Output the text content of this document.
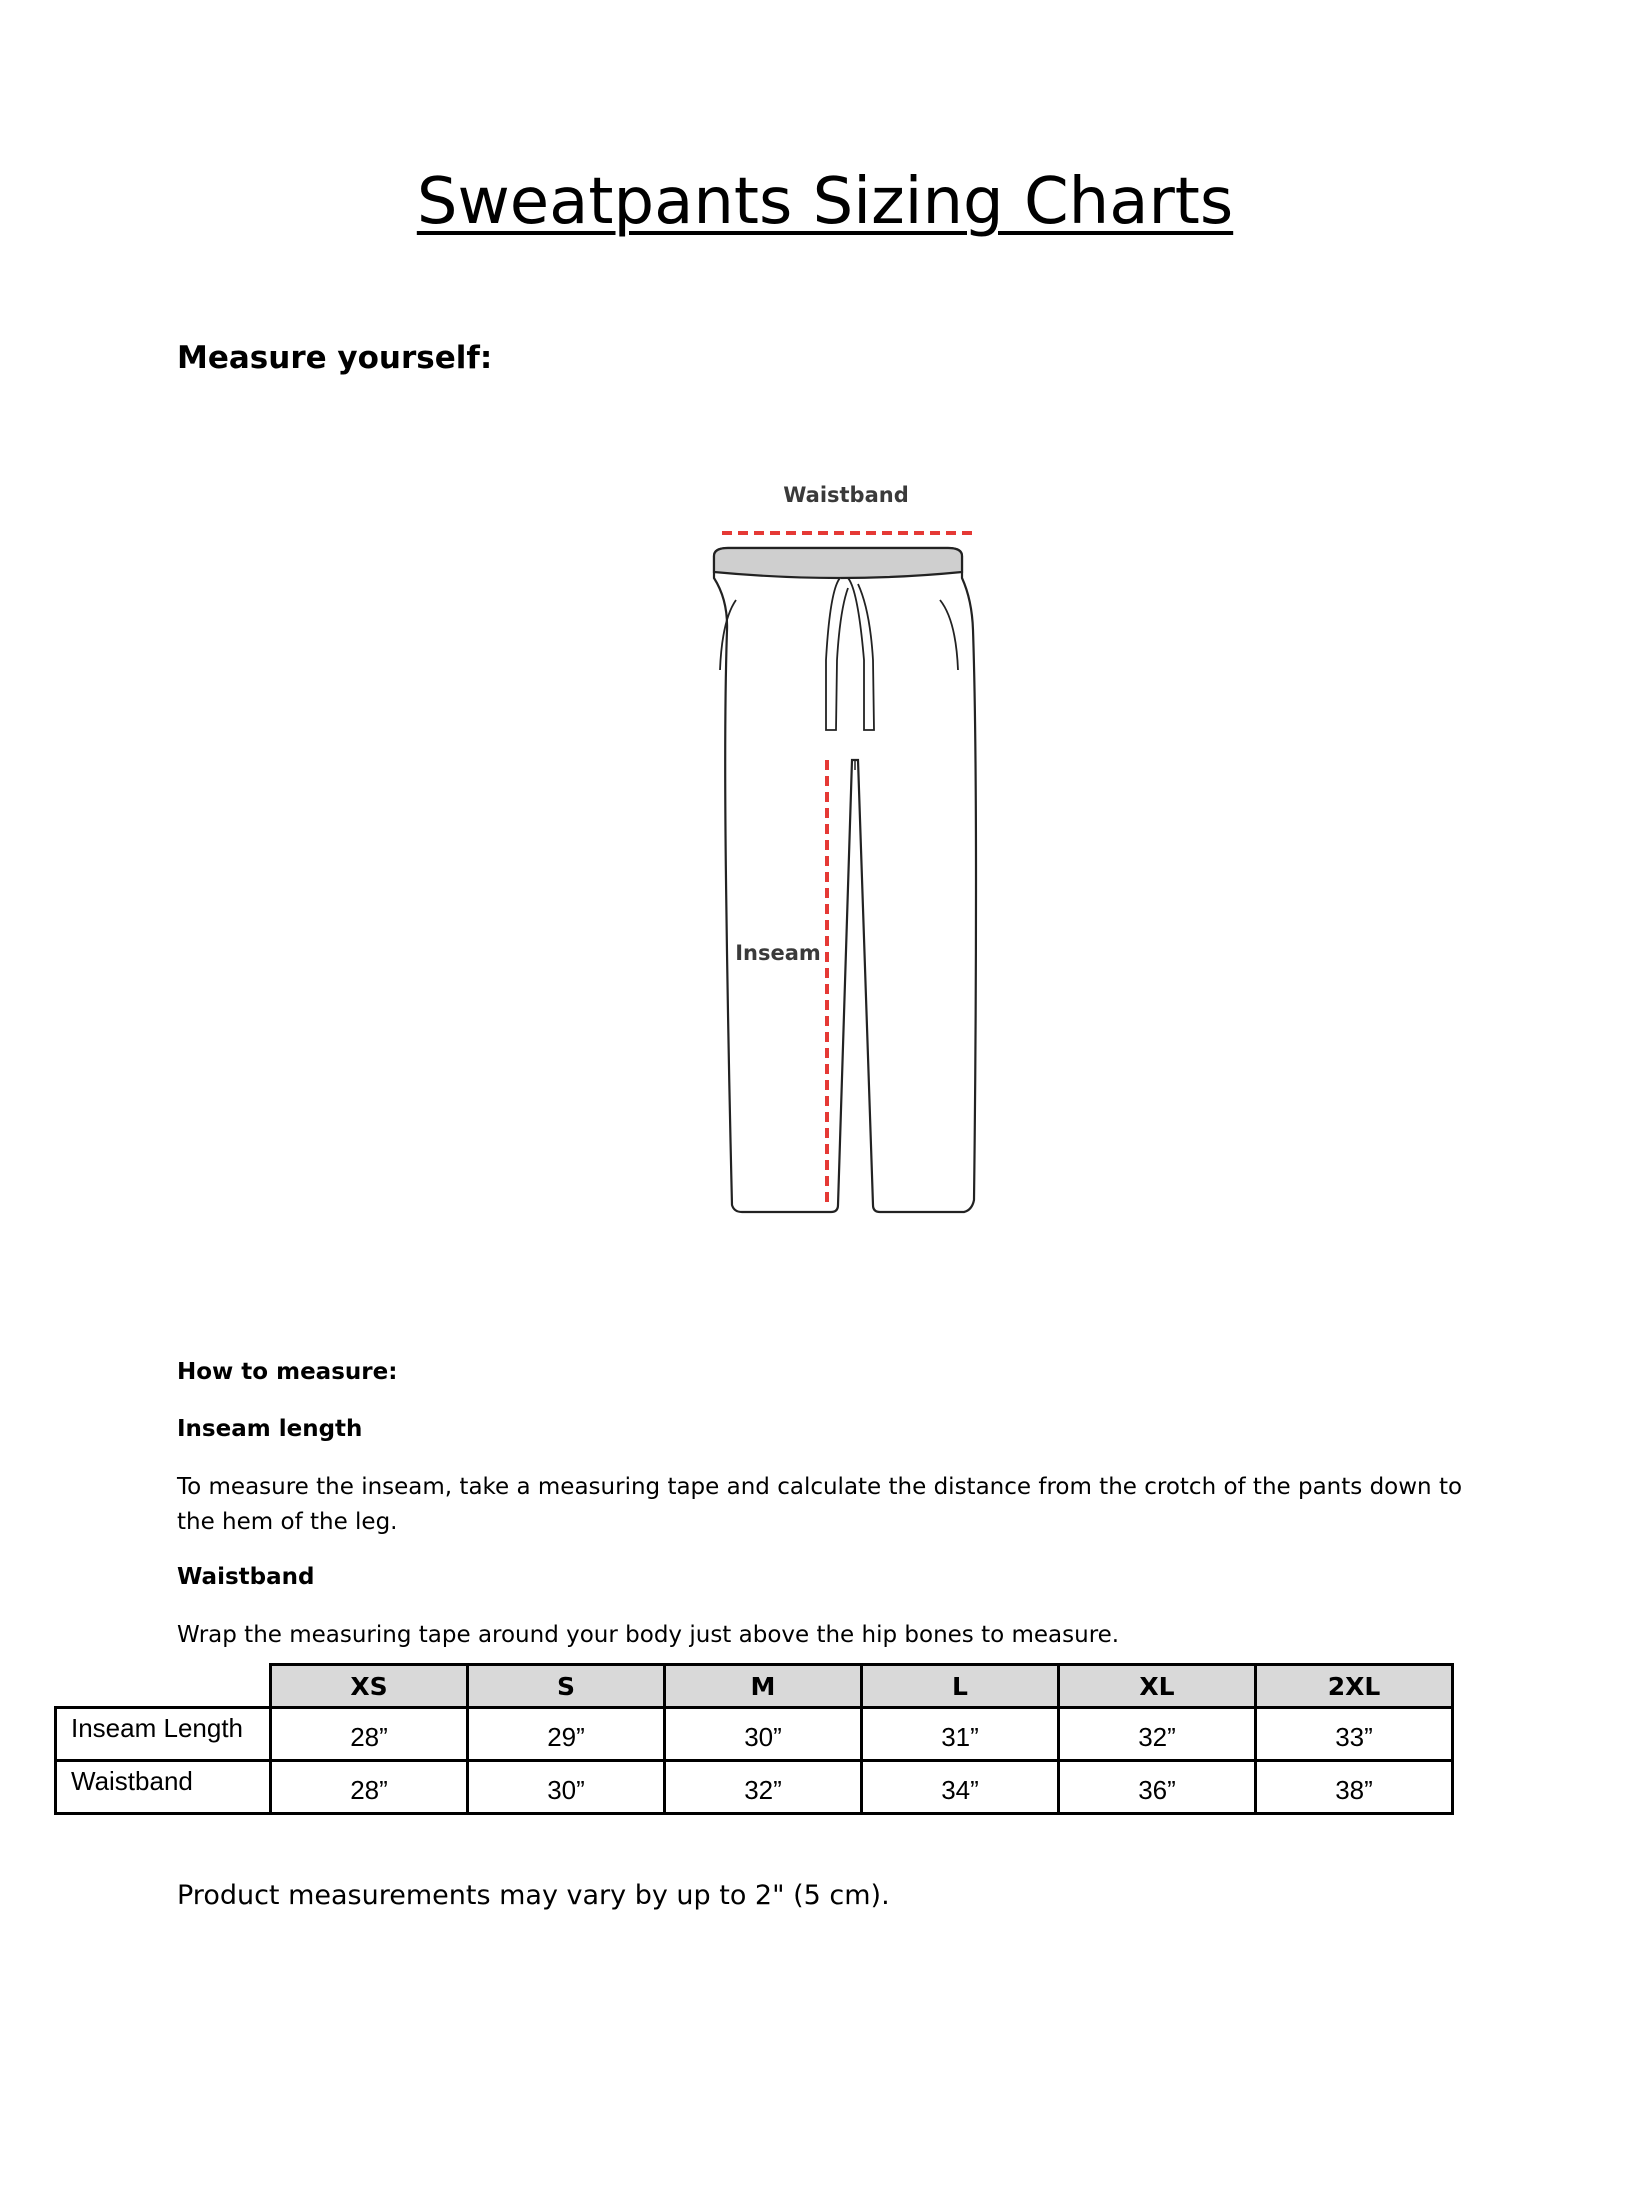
Sweatpants Sizing Charts
Measure yourself:
Waistband
Inseam

How to measure:

Inseam length

To measure the inseam, take a measuring tape and calculate the distance from the crotch of the pants down to the hem of the leg.

Waistband

Wrap the measuring tape around your body just above the hip bones to measure.

	XS	S	M	L	XL	2XL
Inseam Length	28”	29”	30”	31”	32”	33”
Waistband	28”	30”	32”	34”	36”	38”

Product measurements may vary by up to 2" (5 cm).
